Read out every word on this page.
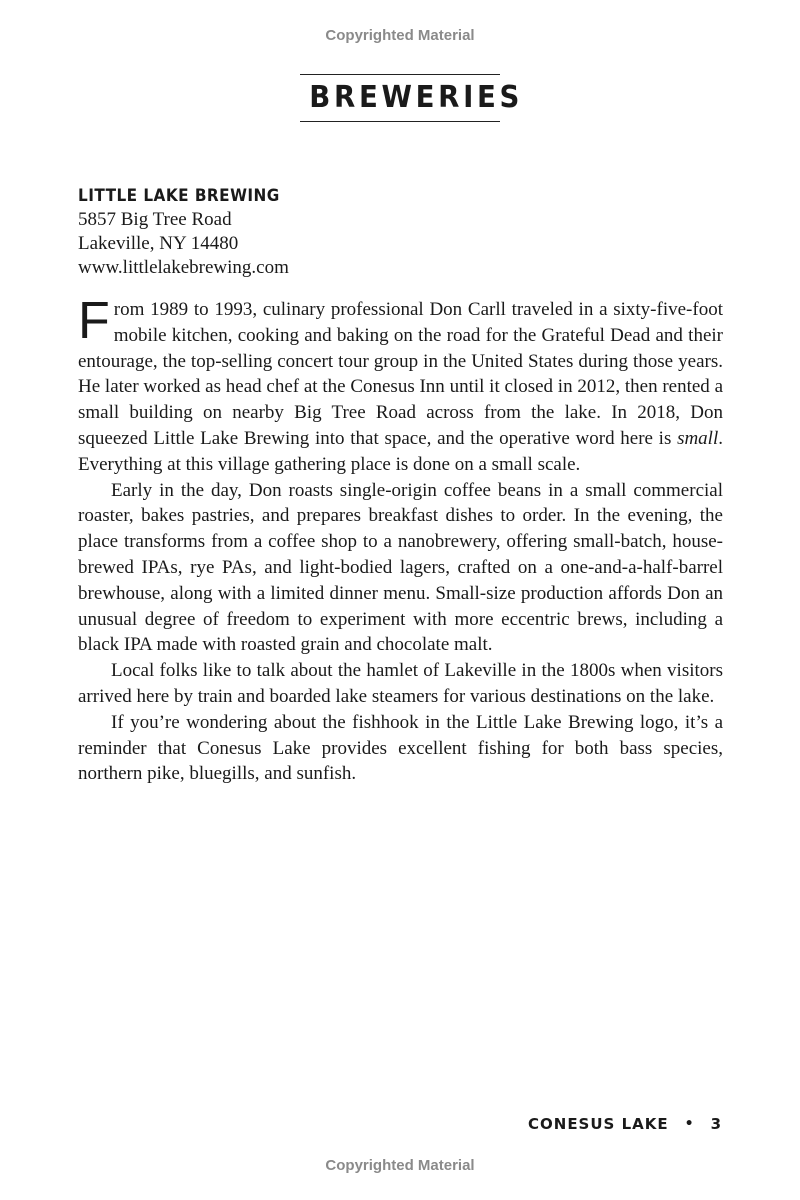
Copyrighted Material
BREWERIES
LITTLE LAKE BREWING
5857 Big Tree Road
Lakeville, NY 14480
www.littlelakebrewing.com

From 1989 to 1993, culinary professional Don Carll traveled in a sixty-five-foot mobile kitchen, cooking and baking on the road for the Grateful Dead and their entourage, the top-selling concert tour group in the United States during those years. He later worked as head chef at the Conesus Inn until it closed in 2012, then rented a small building on nearby Big Tree Road across from the lake. In 2018, Don squeezed Little Lake Brewing into that space, and the operative word here is small. Everything at this village gathering place is done on a small scale.

Early in the day, Don roasts single-origin coffee beans in a small commercial roaster, bakes pastries, and prepares breakfast dishes to order. In the evening, the place transforms from a coffee shop to a nanobrewery, offering small-batch, house-brewed IPAs, rye PAs, and light-bodied lagers, crafted on a one-and-a-half-barrel brewhouse, along with a limited dinner menu. Small-size production affords Don an unusual degree of freedom to experiment with more eccentric brews, including a black IPA made with roasted grain and chocolate malt.

Local folks like to talk about the hamlet of Lakeville in the 1800s when visitors arrived here by train and boarded lake steamers for various destinations on the lake.

If you’re wondering about the fishhook in the Little Lake Brewing logo, it’s a reminder that Conesus Lake provides excellent fishing for both bass species, northern pike, bluegills, and sunfish.

CONESUS LAKE • 3
Copyrighted Material
